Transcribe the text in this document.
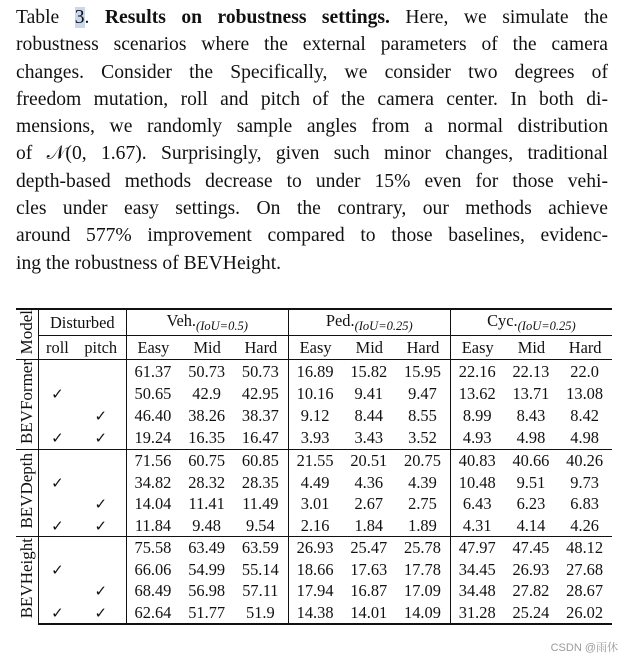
Table 3. Results on robustness settings. Here, we simulate the
robustness scenarios where the external parameters of the camera
changes. Consider the Specifically, we consider two degrees of
freedom mutation, roll and pitch of the camera center. In both di-
mensions, we randomly sample angles from a normal distribution
of 𝒩(0, 1.67). Surprisingly, given such minor changes, traditional
depth-based methods decrease to under 15% even for those vehi-
cles under easy settings. On the contrary, our methods achieve
around 577% improvement compared to those baselines, evidenc-
ing the robustness of BEVHeight.
Model	Disturbed		$Veh._{(IoU=0.5)}$			$Ped._{(IoU=0.25)}$			$Cyc._{(IoU=0.25)}$
	roll	pitch	Easy	Mid	Hard	Easy	Mid	Hard	Easy	Mid	Hard
BEVFormer			61.37	50.73	50.73	16.89	15.82	15.95	22.16	22.13	22.0
	✓		50.65	42.9	42.95	10.16	9.41	9.47	13.62	13.71	13.08
		✓	46.40	38.26	38.37	9.12	8.44	8.55	8.99	8.43	8.42
	✓	✓	19.24	16.35	16.47	3.93	3.43	3.52	4.93	4.98	4.98
BEVDepth			71.56	60.75	60.85	21.55	20.51	20.75	40.83	40.66	40.26
	✓		34.82	28.32	28.35	4.49	4.36	4.39	10.48	9.51	9.73
		✓	14.04	11.41	11.49	3.01	2.67	2.75	6.43	6.23	6.83
	✓	✓	11.84	9.48	9.54	2.16	1.84	1.89	4.31	4.14	4.26
BEVHeight			75.58	63.49	63.59	26.93	25.47	25.78	47.97	47.45	48.12
	✓		66.06	54.99	55.14	18.66	17.63	17.78	34.45	26.93	27.68
		✓	68.49	56.98	57.11	17.94	16.87	17.09	34.48	27.82	28.67
	✓	✓	62.64	51.77	51.9	14.38	14.01	14.09	31.28	25.24	26.02
CSDN @雨休
